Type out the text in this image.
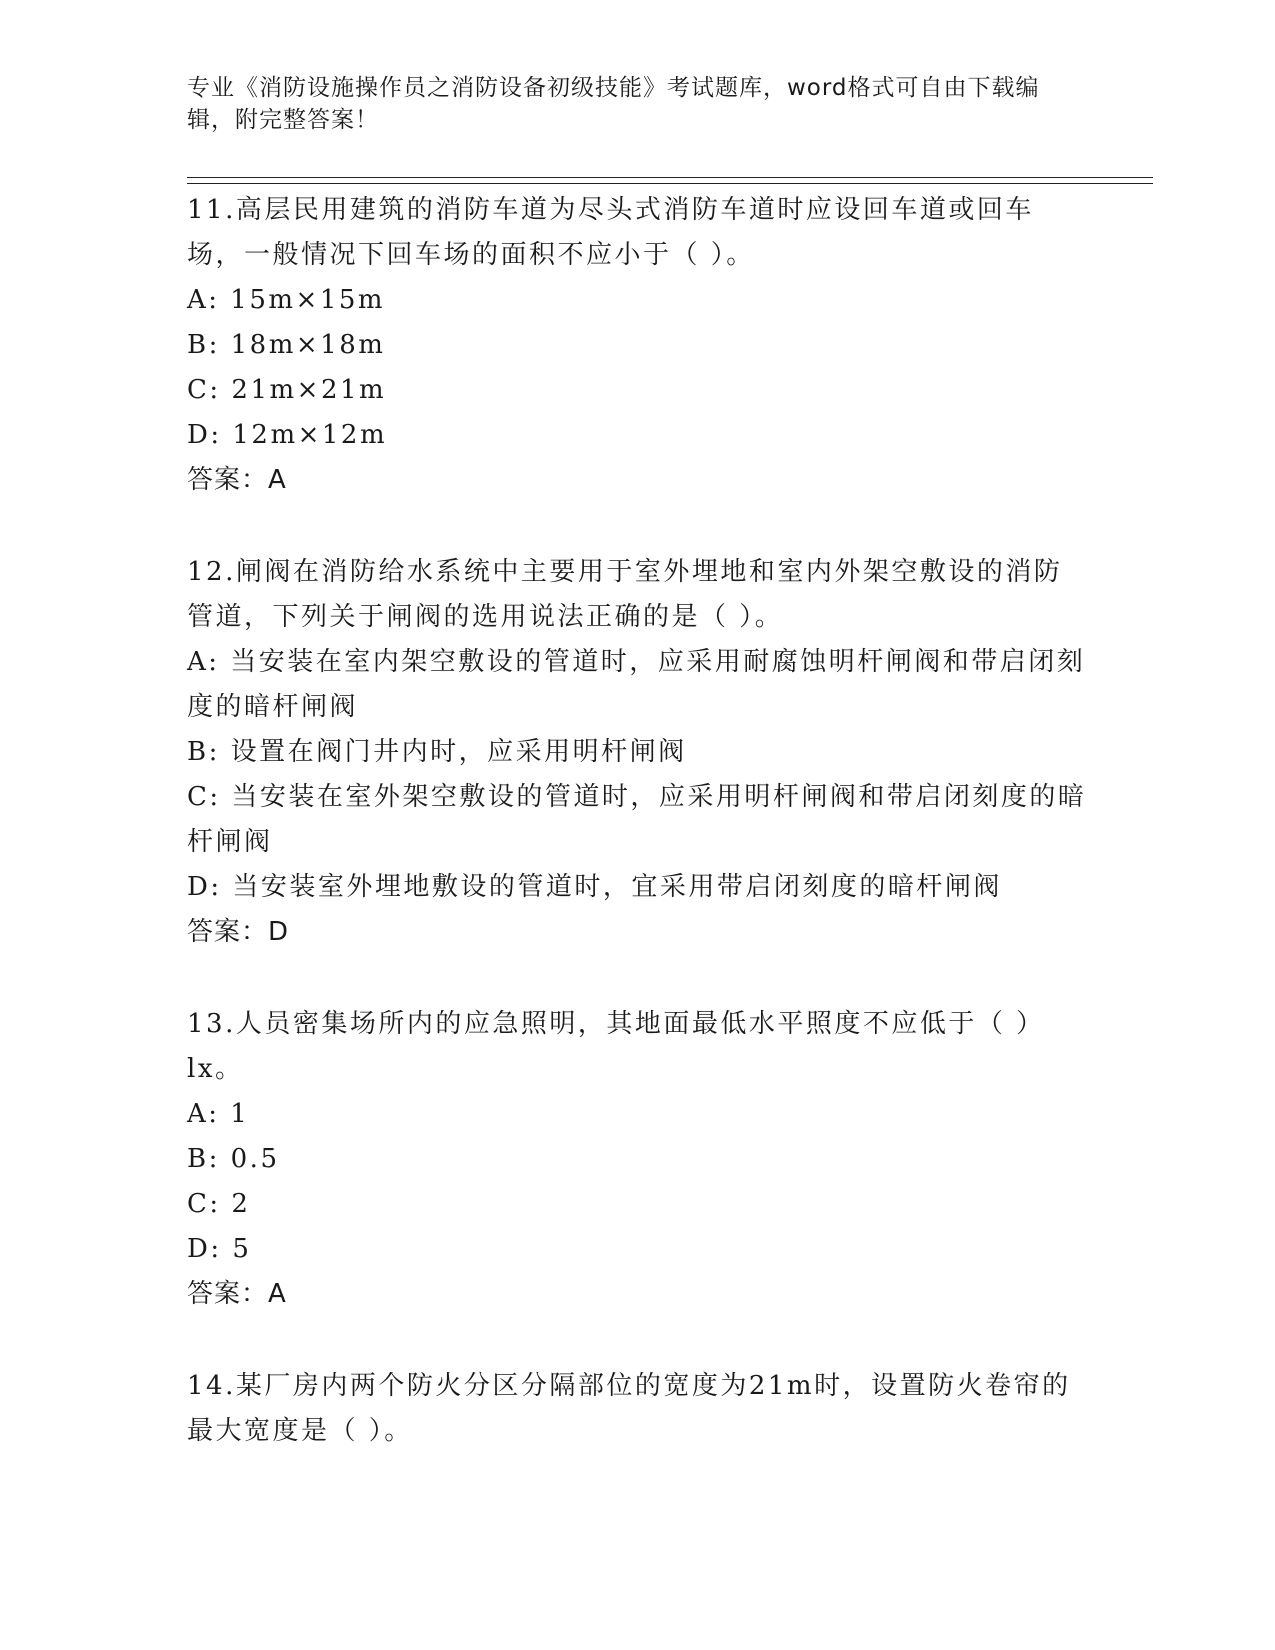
专业《消防设施操作员之消防设备初级技能》考试题库，word格式可自由下载编辑，附完整答案！

11.高层民用建筑的消防车道为尽头式消防车道时应设回车道或回车场，一般情况下回车场的面积不应小于（ ）。

A: 15m×15m

B: 18m×18m

C: 21m×21m

D: 12m×12m

答案：A

12.闸阀在消防给水系统中主要用于室外埋地和室内外架空敷设的消防管道，下列关于闸阀的选用说法正确的是（ ）。

A: 当安装在室内架空敷设的管道时，应采用耐腐蚀明杆闸阀和带启闭刻度的暗杆闸阀

B: 设置在阀门井内时，应采用明杆闸阀

C: 当安装在室外架空敷设的管道时，应采用明杆闸阀和带启闭刻度的暗杆闸阀

D: 当安装室外埋地敷设的管道时，宜采用带启闭刻度的暗杆闸阀

答案：D

13.人员密集场所内的应急照明，其地面最低水平照度不应低于（ ）lx。

A: 1

B: 0.5

C: 2

D: 5

答案：A

14.某厂房内两个防火分区分隔部位的宽度为21m时，设置防火卷帘的最大宽度是（ ）。
